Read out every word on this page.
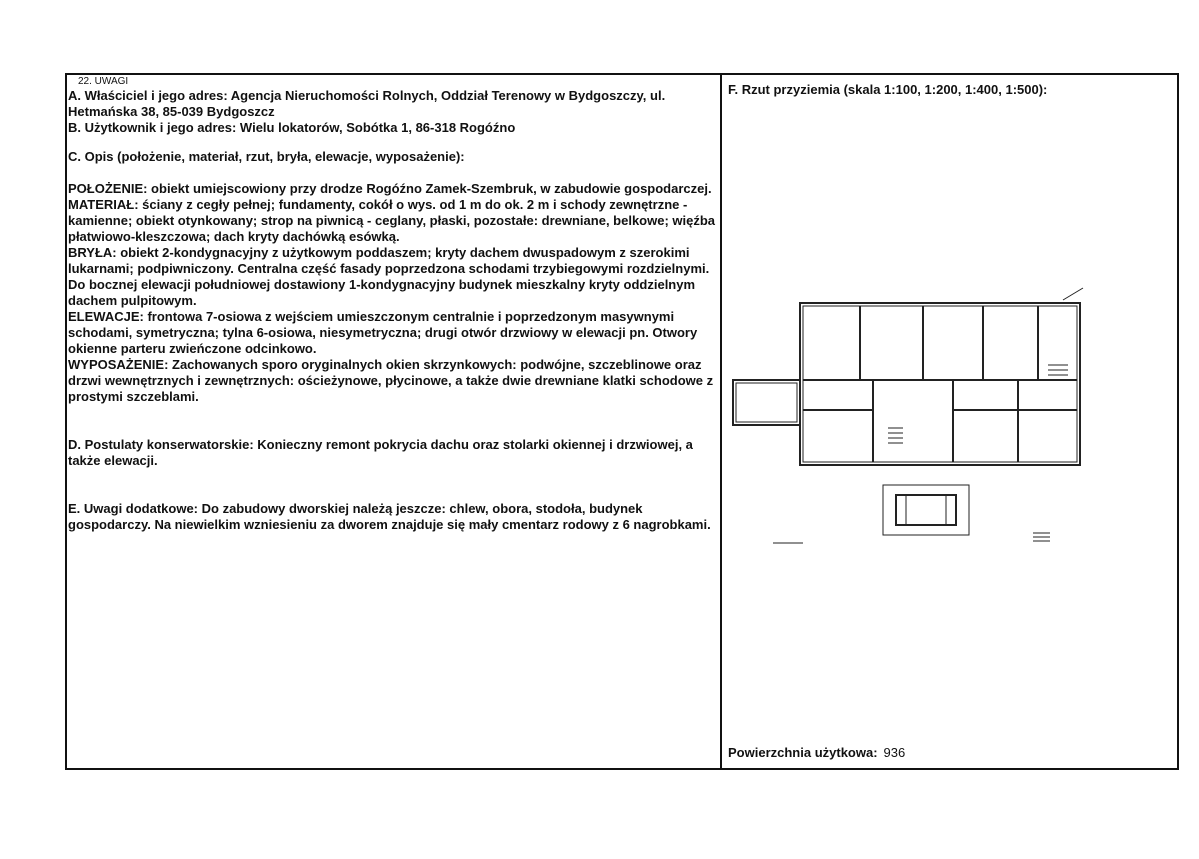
22. UWAGI

A. Właściciel i jego adres: Agencja Nieruchomości Rolnych, Oddział Terenowy w Bydgoszczy, ul. Hetmańska 38, 85-039 Bydgoszcz

B. Użytkownik i jego adres: Wielu lokatorów, Sobótka 1, 86-318 Rogóźno

C. Opis (położenie, materiał, rzut, bryła, elewacje, wyposażenie):

POŁOŻENIE: obiekt umiejscowiony przy drodze Rogóźno Zamek-Szembruk, w zabudowie gospodarczej.

MATERIAŁ: ściany z cegły pełnej; fundamenty, cokół o wys. od 1 m do ok. 2 m i schody zewnętrzne - kamienne; obiekt otynkowany; strop na piwnicą - ceglany, płaski, pozostałe: drewniane, belkowe; więźba płatwiowo-kleszczowa; dach kryty dachówką esówką.

BRYŁA: obiekt 2-kondygnacyjny z użytkowym poddaszem; kryty dachem dwuspadowym z szerokimi lukarnami; podpiwniczony. Centralna część fasady poprzedzona schodami trzybiegowymi rozdzielnymi. Do bocznej elewacji południowej dostawiony 1-kondygnacyjny budynek mieszkalny kryty oddzielnym dachem pulpitowym.

ELEWACJE: frontowa 7-osiowa z wejściem umieszczonym centralnie i poprzedzonym masywnymi schodami, symetryczna; tylna 6-osiowa, niesymetryczna; drugi otwór drzwiowy w elewacji pn. Otwory okienne parteru zwieńczone odcinkowo.

WYPOSAŻENIE: Zachowanych sporo oryginalnych okien skrzynkowych: podwójne, szczeblinowe oraz drzwi wewnętrznych i zewnętrznych: ościeżynowe, płycinowe, a także dwie drewniane klatki schodowe z prostymi szczeblami.

D. Postulaty konserwatorskie: Konieczny remont pokrycia dachu oraz stolarki okiennej i drzwiowej, a także elewacji.

E. Uwagi dodatkowe: Do zabudowy dworskiej należą jeszcze: chlew, obora, stodoła, budynek gospodarczy. Na niewielkim wzniesieniu za dworem znajduje się mały cmentarz rodowy z 6 nagrobkami.

F. Rzut przyziemia (skala 1:100, 1:200, 1:400, 1:500):
Powierzchnia użytkowa: 936
